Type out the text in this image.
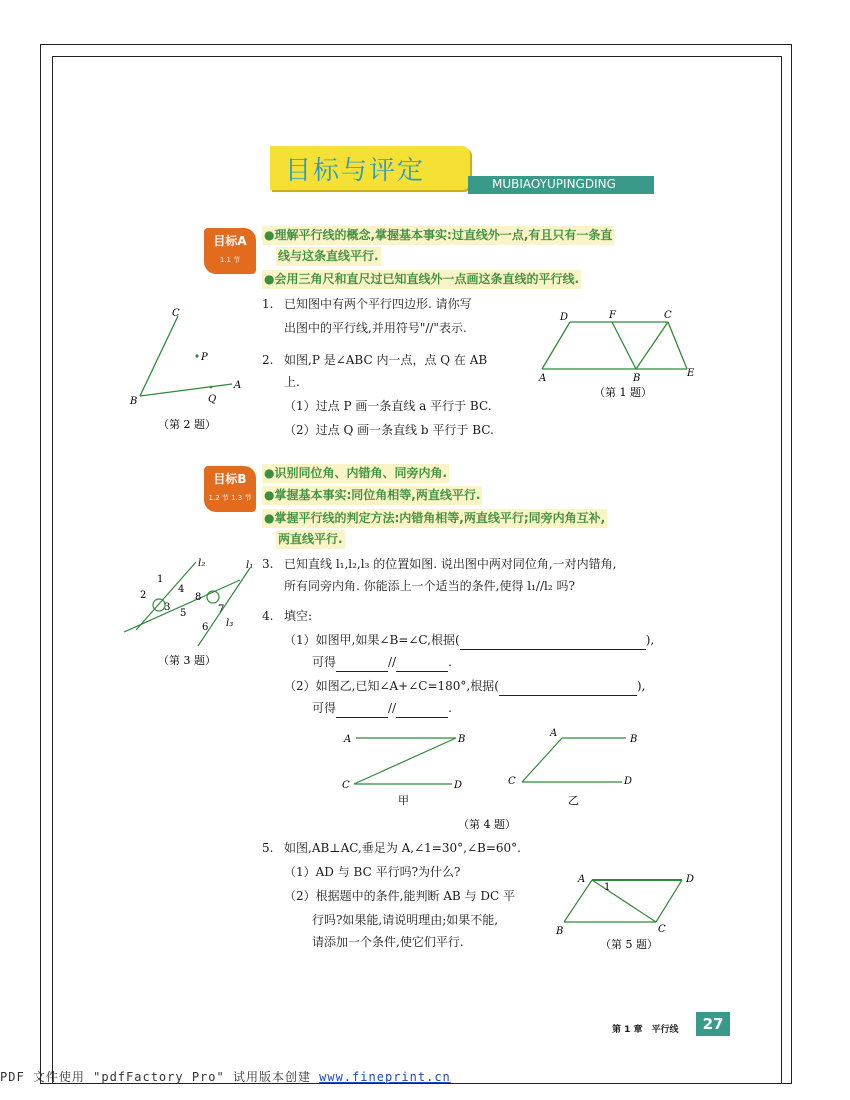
目标与评定	MUBIAOYUPINGDING
目标A
1.1 节
●理解平行线的概念,掌握基本事实:过直线外一点,有且只有一条直
线与这条直线平行.
●会用三角尺和直尺过已知直线外一点画这条直线的平行线.
1. 已知图中有两个平行四边形. 请你写
出图中的平行线,并用符号"//"表示.
D	F	C
A	B	E
（第 1 题）
2. 如图,P 是∠ABC 内一点，点 Q 在 AB
上.
（1）过点 P 画一条直线 a 平行于 BC.
（2）过点 Q 画一条直线 b 平行于 BC.
C
P
A
B	Q
（第 2 题）
目标B
1.2 节 1.3 节
●识别同位角、内错角、同旁内角.
●掌握基本事实:同位角相等,两直线平行.
●掌握平行线的判定方法:内错角相等,两直线平行;同旁内角互补,
两直线平行.
3. 已知直线 l₁,l₂,l₃ 的位置如图. 说出图中两对同位角,一对内错角,
所有同旁内角. 你能添上一个适当的条件,使得 l₁//l₂ 吗?
l₂	l₁
l₃
1
2
3
4
5
6
7
8
（第 3 题）
4. 填空:
（1）如图甲,如果∠B=∠C,根据(	),
可得	//	.
（2）如图乙,已知∠A+∠C=180°,根据(	),
可得	//	.
A	B
C	D
甲
A
B
C	D
乙
（第 4 题）
5. 如图,AB⊥AC,垂足为 A,∠1=30°,∠B=60°.
（1）AD 与 BC 平行吗?为什么?
（2）根据题中的条件,能判断 AB 与 DC 平
行吗?如果能,请说明理由;如果不能,
请添加一个条件,使它们平行.
A
1
D
B	C
（第 5 题）
第 1 章　平行线	27
PDF 文件使用 "pdfFactory Pro" 试用版本创建 www.fineprint.cn
